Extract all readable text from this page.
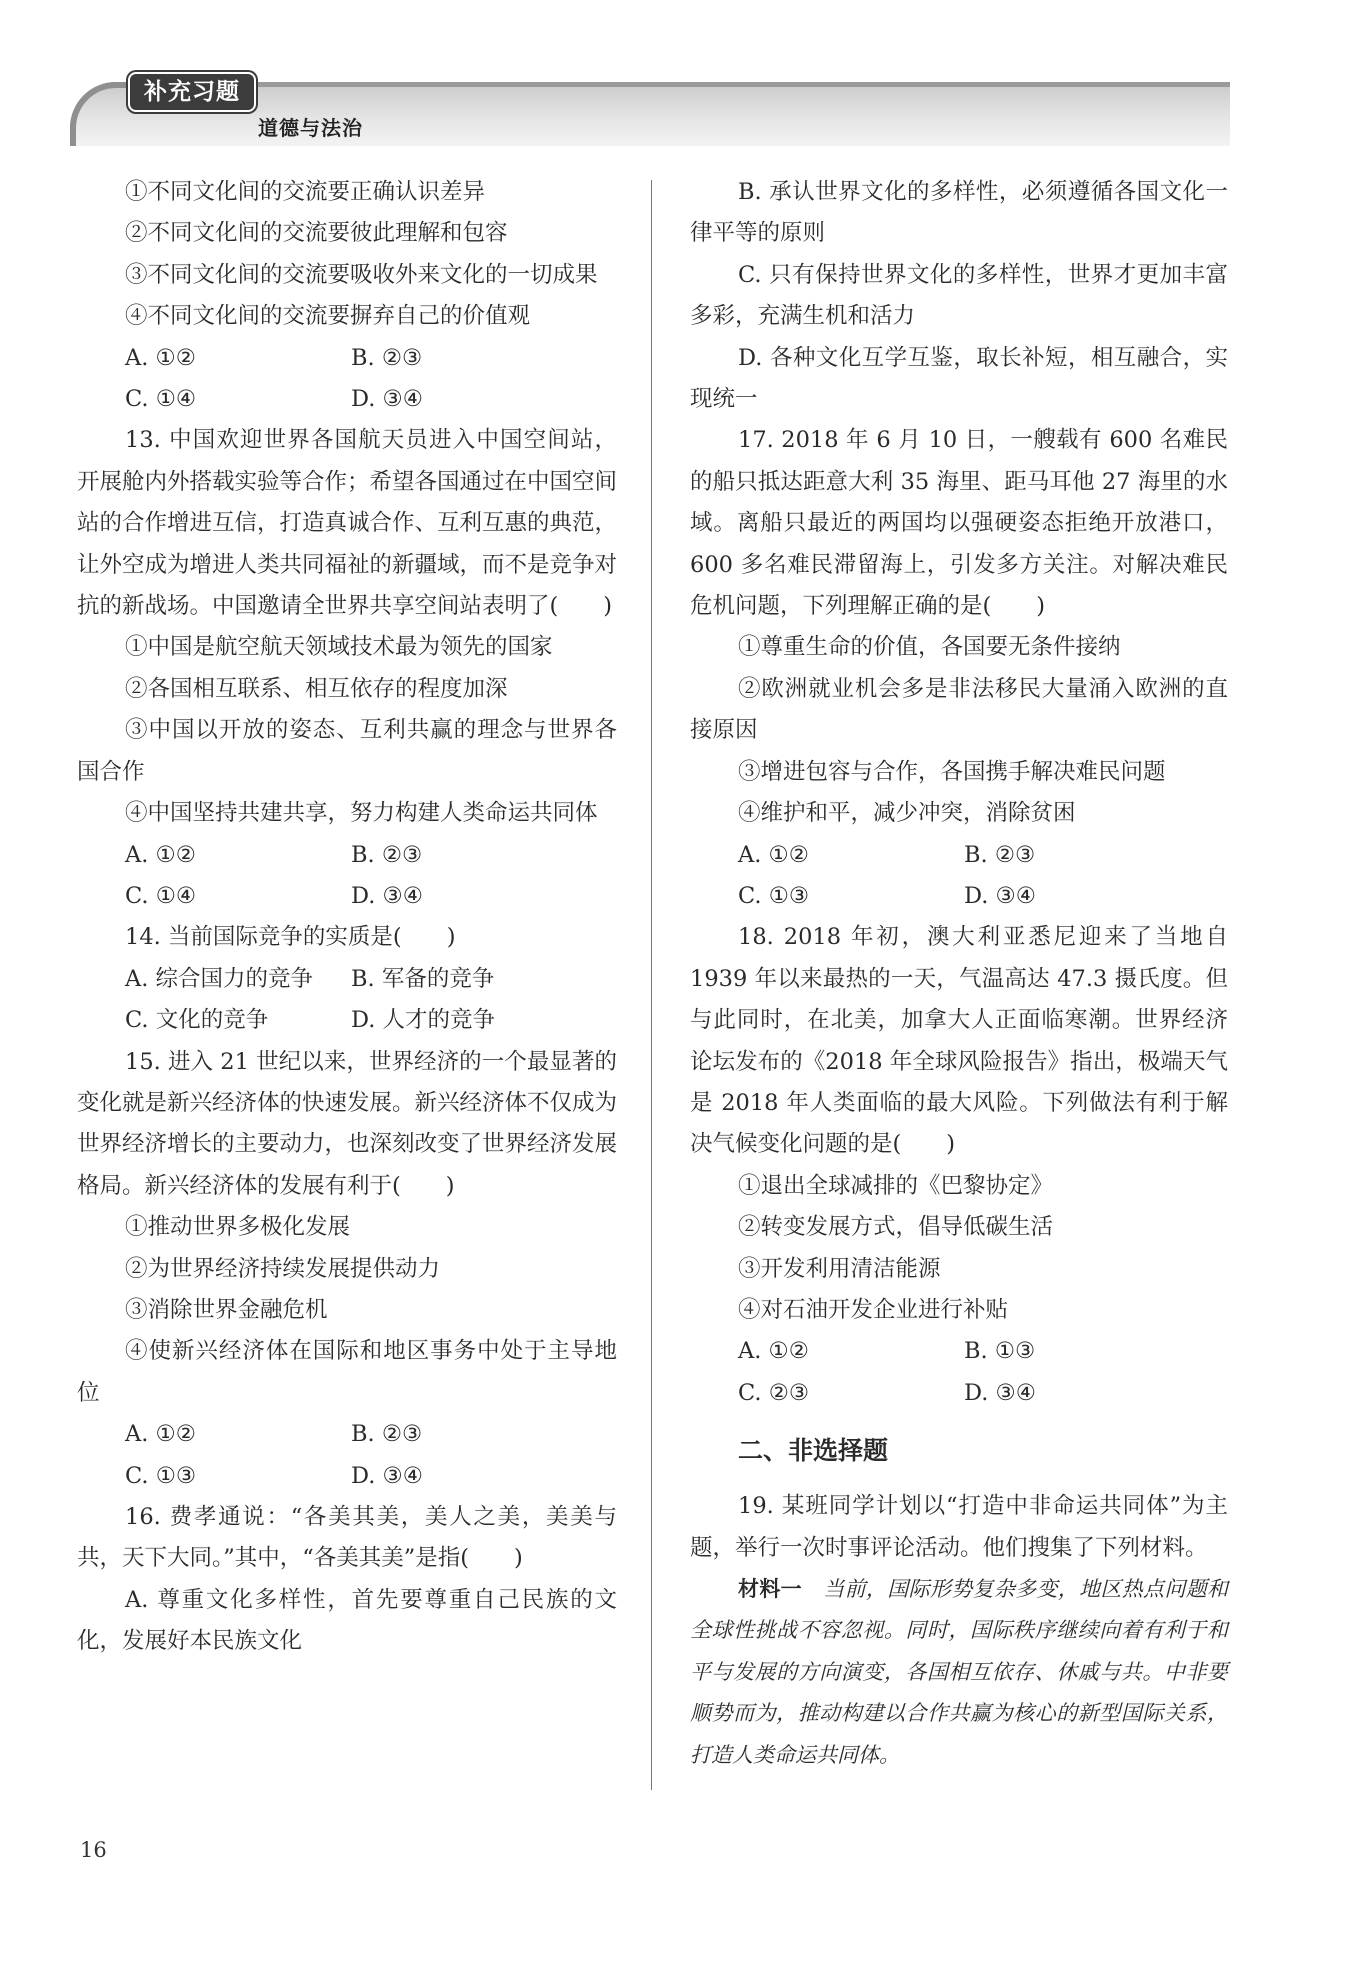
补充习题
道德与法治

①不同文化间的交流要正确认识差异

②不同文化间的交流要彼此理解和包容

③不同文化间的交流要吸收外来文化的一切成果

④不同文化间的交流要摒弃自己的价值观

A. ①②	B. ②③
C. ①④	D. ③④

13. 中国欢迎世界各国航天员进入中国空间站，开展舱内外搭载实验等合作；希望各国通过在中国空间站的合作增进互信，打造真诚合作、互利互惠的典范，让外空成为增进人类共同福祉的新疆域，而不是竞争对抗的新战场。中国邀请全世界共享空间站表明了(　　)

①中国是航空航天领域技术最为领先的国家

②各国相互联系、相互依存的程度加深

③中国以开放的姿态、互利共赢的理念与世界各国合作

④中国坚持共建共享，努力构建人类命运共同体

A. ①②	B. ②③
C. ①④	D. ③④

14. 当前国际竞争的实质是(　　)

A. 综合国力的竞争	B. 军备的竞争
C. 文化的竞争	D. 人才的竞争

15. 进入 21 世纪以来，世界经济的一个最显著的变化就是新兴经济体的快速发展。新兴经济体不仅成为世界经济增长的主要动力，也深刻改变了世界经济发展格局。新兴经济体的发展有利于(　　)

①推动世界多极化发展

②为世界经济持续发展提供动力

③消除世界金融危机

④使新兴经济体在国际和地区事务中处于主导地位

A. ①②	B. ②③
C. ①③	D. ③④

16. 费孝通说：“各美其美，美人之美，美美与共，天下大同。”其中，“各美其美”是指(　　)

A. 尊重文化多样性，首先要尊重自己民族的文化，发展好本民族文化

B. 承认世界文化的多样性，必须遵循各国文化一律平等的原则

C. 只有保持世界文化的多样性，世界才更加丰富多彩，充满生机和活力

D. 各种文化互学互鉴，取长补短，相互融合，实现统一

17. 2018 年 6 月 10 日，一艘载有 600 名难民的船只抵达距意大利 35 海里、距马耳他 27 海里的水域。离船只最近的两国均以强硬姿态拒绝开放港口，600 多名难民滞留海上，引发多方关注。对解决难民危机问题，下列理解正确的是(　　)

①尊重生命的价值，各国要无条件接纳

②欧洲就业机会多是非法移民大量涌入欧洲的直接原因

③增进包容与合作，各国携手解决难民问题

④维护和平，减少冲突，消除贫困

A. ①②	B. ②③
C. ①③	D. ③④

18. 2018 年初，澳大利亚悉尼迎来了当地自 1939 年以来最热的一天，气温高达 47.3 摄氏度。但与此同时，在北美，加拿大人正面临寒潮。世界经济论坛发布的《2018 年全球风险报告》指出，极端天气是 2018 年人类面临的最大风险。下列做法有利于解决气候变化问题的是(　　)

①退出全球减排的《巴黎协定》

②转变发展方式，倡导低碳生活

③开发利用清洁能源

④对石油开发企业进行补贴

A. ①②	B. ①③
C. ②③	D. ③④
二、非选择题

19. 某班同学计划以“打造中非命运共同体”为主题，举行一次时事评论活动。他们搜集了下列材料。

材料一　当前，国际形势复杂多变，地区热点问题和全球性挑战不容忽视。同时，国际秩序继续向着有利于和平与发展的方向演变，各国相互依存、休戚与共。中非要顺势而为，推动构建以合作共赢为核心的新型国际关系，打造人类命运共同体。

16
